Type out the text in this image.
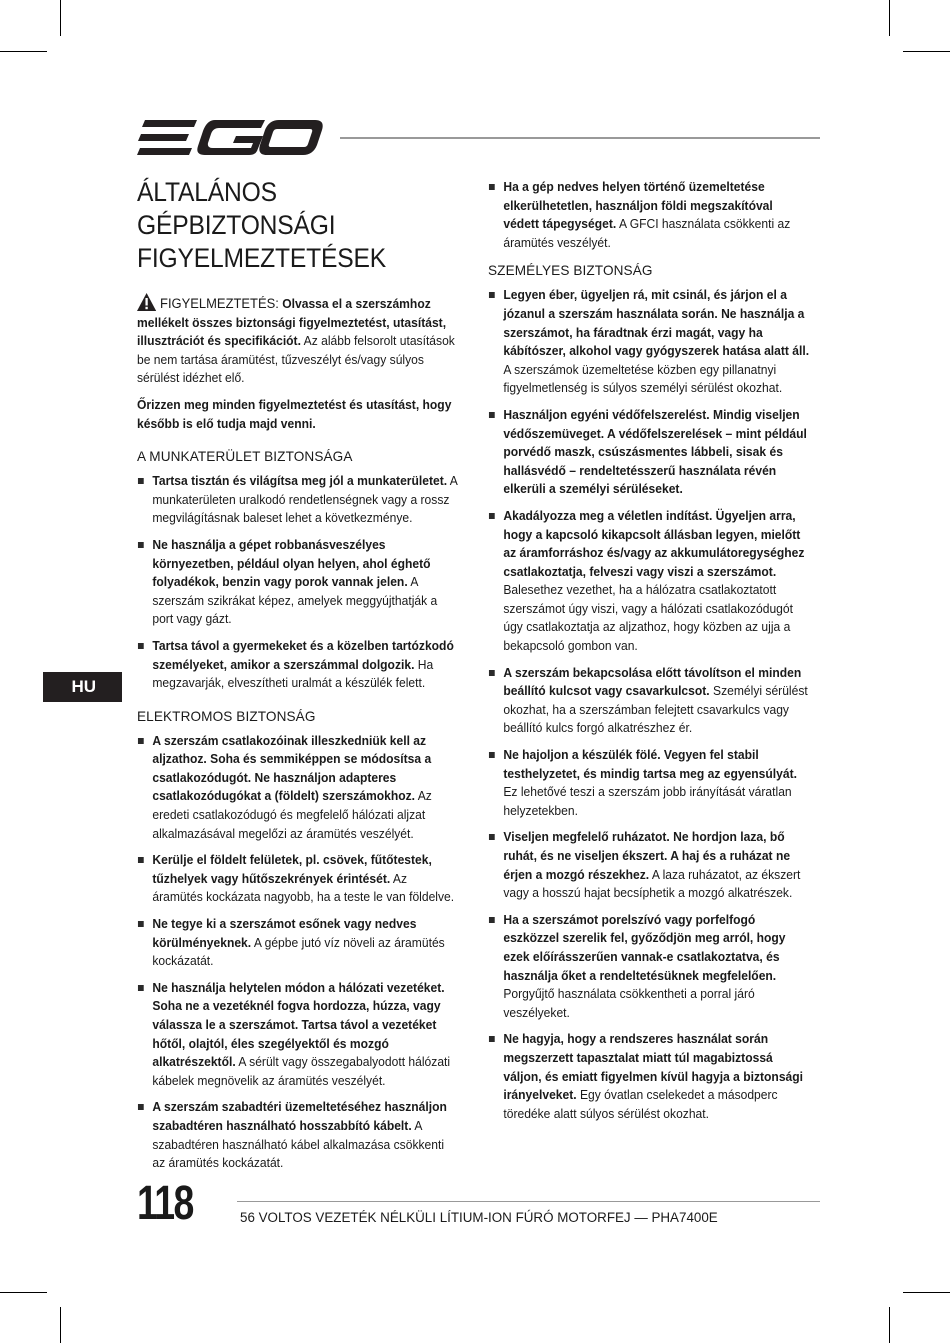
HU
ÁLTALÁNOS
GÉPBIZTONSÁGI
FIGYELMEZTETÉSEK

FIGYELMEZTETÉS: Olvassa el a szerszámhoz mellékelt összes biztonsági figyelmeztetést, utasítást, illusztrációt és specifikációt. Az alább felsorolt utasítások be nem tartása áramütést, tűzveszélyt és/vagy súlyos sérülést idézhet elő.

Őrizzen meg minden figyelmeztetést és utasítást, hogy később is elő tudja majd venni.

A MUNKATERÜLET BIZTONSÁGA
Tartsa tisztán és világítsa meg jól a munkaterületet. A munkaterületen uralkodó rendetlenségnek vagy a rossz megvilágításnak baleset lehet a következménye.
Ne használja a gépet robbanásveszélyes környezetben, például olyan helyen, ahol éghető folyadékok, benzin vagy porok vannak jelen. A szerszám szikrákat képez, amelyek meggyújthatják a port vagy gázt.
Tartsa távol a gyermekeket és a közelben tartózkodó személyeket, amikor a szerszámmal dolgozik. Ha megzavarják, elveszítheti uralmát a készülék felett.
ELEKTROMOS BIZTONSÁG
A szerszám csatlakozóinak illeszkedniük kell az aljzathoz. Soha és semmiképpen se módosítsa a csatlakozódugót. Ne használjon adapteres csatlakozódugókat a (földelt) szerszámokhoz. Az eredeti csatlakozódugó és megfelelő hálózati aljzat alkalmazásával megelőzi az áramütés veszélyét.
Kerülje el földelt felületek, pl. csövek, fűtőtestek, tűzhelyek vagy hűtőszekrények érintését. Az áramütés kockázata nagyobb, ha a teste le van földelve.
Ne tegye ki a szerszámot esőnek vagy nedves körülményeknek. A gépbe jutó víz növeli az áramütés kockázatát.
Ne használja helytelen módon a hálózati vezetéket. Soha ne a vezetéknél fogva hordozza, húzza, vagy válassza le a szerszámot. Tartsa távol a vezetéket hőtől, olajtól, éles szegélyektől és mozgó alkatrészektől. A sérült vagy összegabalyodott hálózati kábelek megnövelik az áramütés veszélyét.
A szerszám szabadtéri üzemeltetéséhez használjon szabadtéren használható hosszabbító kábelt. A szabadtéren használható kábel alkalmazása csökkenti az áramütés kockázatát.
Ha a gép nedves helyen történő üzemeltetése elkerülhetetlen, használjon földi megszakítóval védett tápegységet. A GFCI használata csökkenti az áramütés veszélyét.
SZEMÉLYES BIZTONSÁG
Legyen éber, ügyeljen rá, mit csinál, és járjon el a józanul a szerszám használata során. Ne használja a szerszámot, ha fáradtnak érzi magát, vagy ha kábítószer, alkohol vagy gyógyszerek hatása alatt áll. A szerszámok üzemeltetése közben egy pillanatnyi figyelmetlenség is súlyos személyi sérülést okozhat.
Használjon egyéni védőfelszerelést. Mindig viseljen védőszemüveget. A védőfelszerelések – mint például porvédő maszk, csúszásmentes lábbeli, sisak és hallásvédő – rendeltetésszerű használata révén elkerüli a személyi sérüléseket.
Akadályozza meg a véletlen indítást. Ügyeljen arra, hogy a kapcsoló kikapcsolt állásban legyen, mielőtt az áramforráshoz és/vagy az akkumulátoregységhez csatlakoztatja, felveszi vagy viszi a szerszámot. Balesethez vezethet, ha a hálózatra csatlakoztatott szerszámot úgy viszi, vagy a hálózati csatlakozódugót úgy csatlakoztatja az aljzathoz, hogy közben az ujja a bekapcsoló gombon van.
A szerszám bekapcsolása előtt távolítson el minden beállító kulcsot vagy csavarkulcsot. Személyi sérülést okozhat, ha a szerszámban felejtett csavarkulcs vagy beállító kulcs forgó alkatrészhez ér.
Ne hajoljon a készülék fölé. Vegyen fel stabil testhelyzetet, és mindig tartsa meg az egyensúlyát. Ez lehetővé teszi a szerszám jobb irányítását váratlan helyzetekben.
Viseljen megfelelő ruházatot. Ne hordjon laza, bő ruhát, és ne viseljen ékszert. A haj és a ruházat ne érjen a mozgó részekhez. A laza ruházatot, az ékszert vagy a hosszú hajat becsíphetik a mozgó alkatrészek.
Ha a szerszámot porelszívó vagy porfelfogó eszközzel szerelik fel, győződjön meg arról, hogy ezek előírásszerűen vannak-e csatlakoztatva, és használja őket a rendeltetésüknek megfelelően. Porgyűjtő használata csökkentheti a porral járó veszélyeket.
Ne hagyja, hogy a rendszeres használat során megszerzett tapasztalat miatt túl magabiztossá váljon, és emiatt figyelmen kívül hagyja a biztonsági irányelveket. Egy óvatlan cselekedet a másodperc töredéke alatt súlyos sérülést okozhat.
118	56 VOLTOS VEZETÉK NÉLKÜLI LÍTIUM-ION FÚRÓ MOTORFEJ — PHA7400E
